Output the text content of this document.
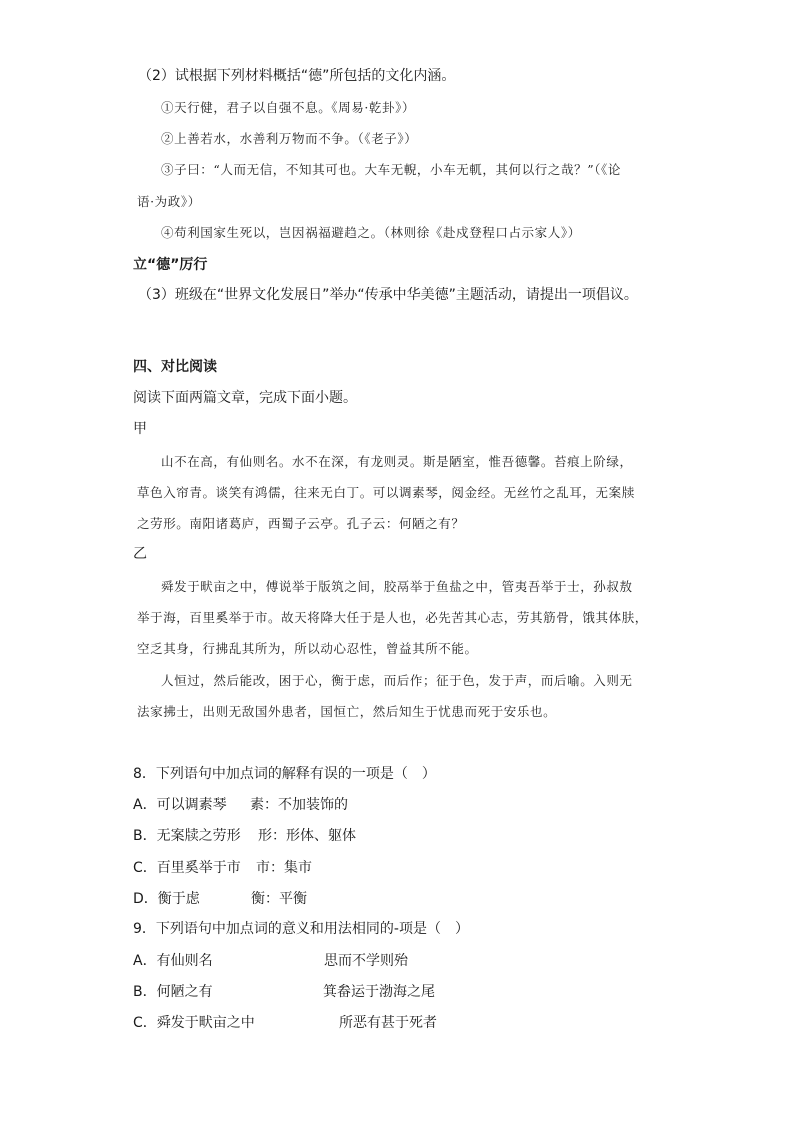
（2）试根据下列材料概括“德”所包括的文化内涵。
①天行健，君子以自强不息。《周易·乾卦》）
②上善若水，水善利万物而不争。（《老子》）
③子曰：“人而无信，不知其可也。大车无輗，小车无軏，其何以行之哉？”（《论
语·为政》）
④苟利国家生死以，岂因祸福避趋之。（林则徐《赴戍登程口占示家人》）
立“德”厉行
（3）班级在“世界文化发展日”举办“传承中华美德”主题活动，请提出一项倡议。
四、对比阅读
阅读下面两篇文章，完成下面小题。
甲
山不在高，有仙则名。水不在深，有龙则灵。斯是陋室，惟吾德馨。苔痕上阶绿，
草色入帘青。谈笑有鸿儒，往来无白丁。可以调素琴，阅金经。无丝竹之乱耳，无案牍
之劳形。南阳诸葛庐，西蜀子云亭。孔子云：何陋之有？
乙
舜发于畎亩之中，傅说举于版筑之间，胶鬲举于鱼盐之中，管夷吾举于士，孙叔敖
举于海，百里奚举于市。故天将降大任于是人也，必先苦其心志，劳其筋骨，饿其体肤，
空乏其身，行拂乱其所为，所以动心忍性，曾益其所不能。
人恒过，然后能改，困于心，衡于虑，而后作；征于色，发于声，而后喻。入则无
法家拂士，出则无敌国外患者，国恒亡，然后知生于忧患而死于安乐也。
8．下列语句中加点词的解释有误的一项是（　）
A．可以调素琴 素：不加装饰的
B．无案牍之劳形 形：形体、躯体
C．百里奚举于市 市：集市
D．衡于虑	衡：平衡
9．下列语句中加点词的意义和用法相同的-项是（　）
A．有仙则名	思而不学则殆
B．何陋之有	箕畚运于渤海之尾
C．舜发于畎亩之中	所恶有甚于死者
